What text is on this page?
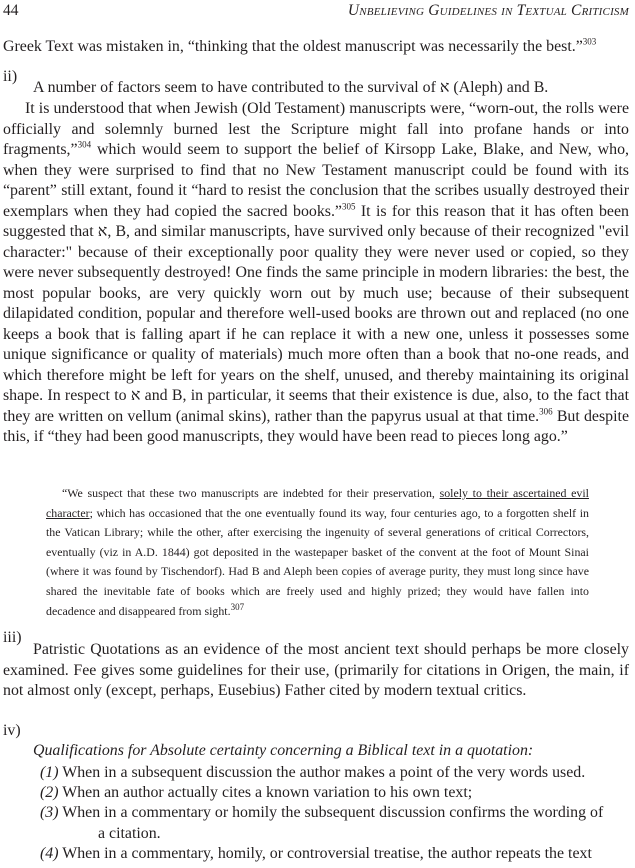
44	Unbelieving Guidelines in Textual Criticism
Greek Text was mistaken in, “thinking that the oldest manuscript was necessarily the best.”$^{303}$
ii)
A number of factors seem to have contributed to the survival of א (Aleph) and B.
It is understood that when Jewish (Old Testament) manuscripts were, “worn-out, the rolls were officially and solemnly burned lest the Scripture might fall into profane hands or into fragments,”$^{304}$ which would seem to support the belief of Kirsopp Lake, Blake, and New, who, when they were surprised to find that no New Testament manuscript could be found with its “parent” still extant, found it “hard to resist the conclusion that the scribes usually destroyed their exemplars when they had copied the sacred books.”$^{305}$ It is for this reason that it has often been suggested that א, B, and similar manuscripts, have survived only because of their recognized "evil character:" because of their exceptionally poor quality they were never used or copied, so they were never subsequently destroyed! One finds the same principle in modern libraries: the best, the most popular books, are very quickly worn out by much use; because of their subsequent dilapidated condition, popular and therefore well-used books are thrown out and replaced (no one keeps a book that is falling apart if he can replace it with a new one, unless it possesses some unique significance or quality of materials) much more often than a book that no-one reads, and which therefore might be left for years on the shelf, unused, and thereby maintaining its original shape. In respect to א and B, in particular, it seems that their existence is due, also, to the fact that they are written on vellum (animal skins), rather than the papyrus usual at that time.$^{306}$ But despite this, if “they had been good manuscripts, they would have been read to pieces long ago.”
“We suspect that these two manuscripts are indebted for their preservation, solely to their ascertained evil character; which has occasioned that the one eventually found its way, four centuries ago, to a forgotten shelf in the Vatican Library; while the other, after exercising the ingenuity of several generations of critical Correctors, eventually (viz in A.D. 1844) got deposited in the wastepaper basket of the convent at the foot of Mount Sinai (where it was found by Tischendorf). Had B and Aleph been copies of average purity, they must long since have shared the inevitable fate of books which are freely used and highly prized; they would have fallen into decadence and disappeared from sight.$^{307}$
iii)
Patristic Quotations as an evidence of the most ancient text should perhaps be more closely examined. Fee gives some guidelines for their use, (primarily for citations in Origen, the main, if not almost only (except, perhaps, Eusebius) Father cited by modern textual critics.
iv)
Qualifications for Absolute certainty concerning a Biblical text in a quotation:
(1) When in a subsequent discussion the author makes a point of the very words used.
(2) When an author actually cites a known variation to his own text;
(3) When in a commentary or homily the subsequent discussion confirms the wording of
a citation.
(4) When in a commentary, homily, or controversial treatise, the author repeats the text
